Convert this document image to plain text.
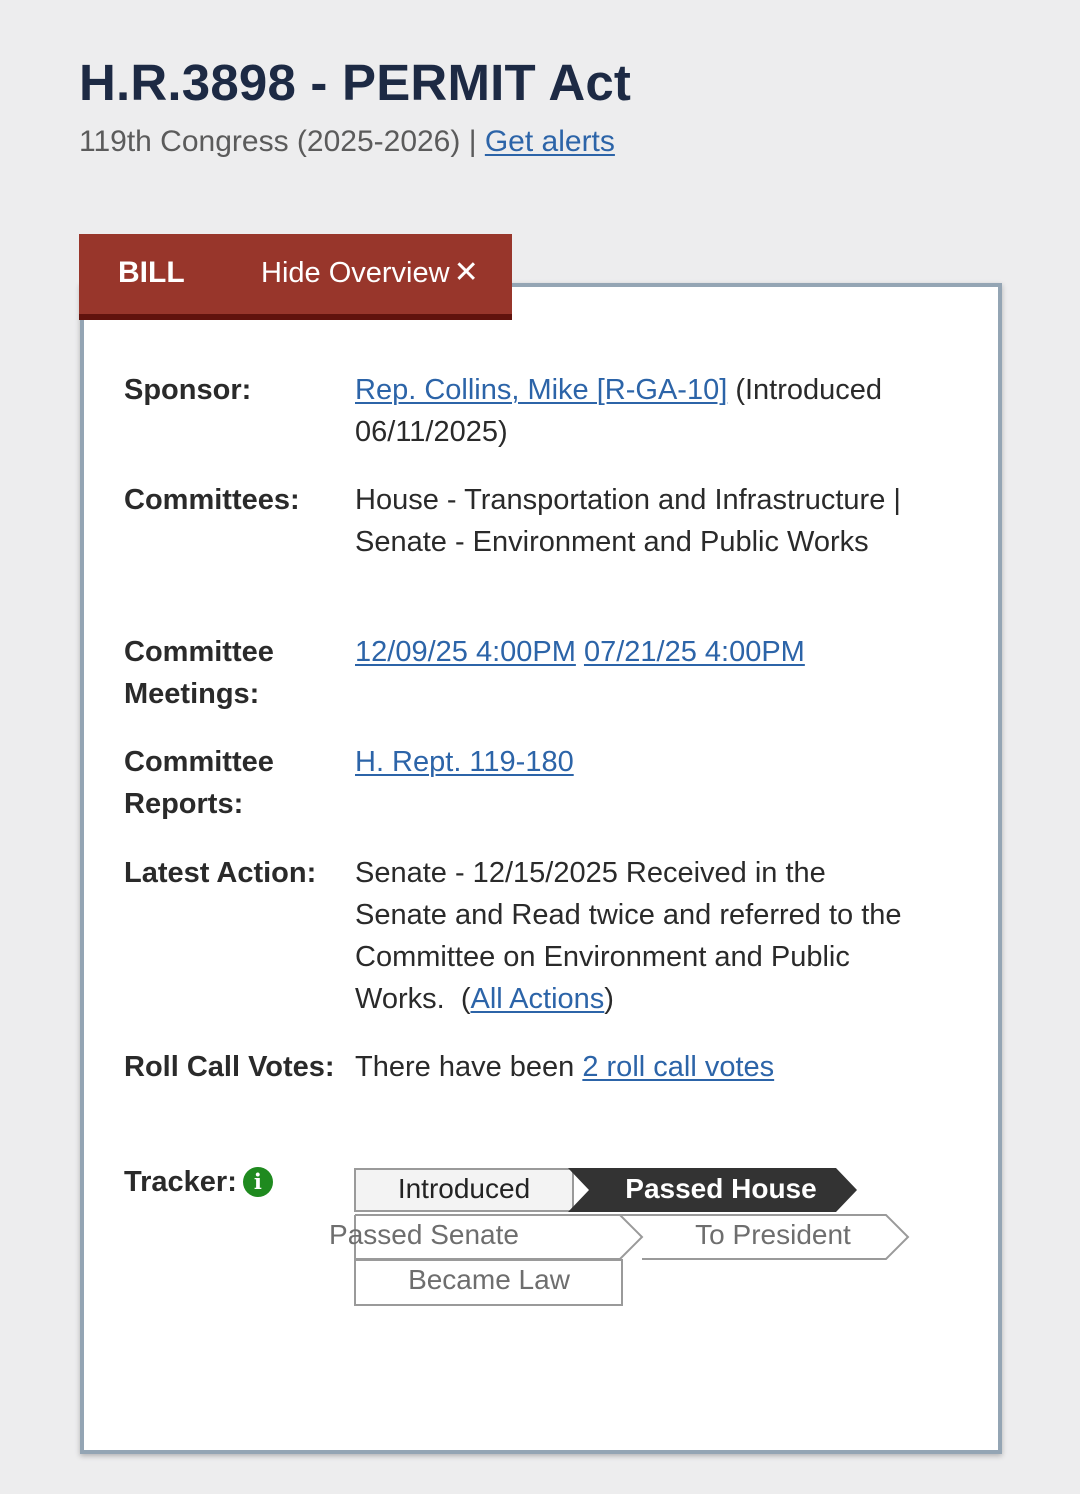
H.R.3898 - PERMIT Act
119th Congress (2025-2026) | Get alerts
BILL	Hide Overview ✕
Sponsor:	Rep. Collins, Mike [R-GA-10] (Introduced 06/11/2025)
Committees:	House - Transportation and Infrastructure | Senate - Environment and Public Works
Committee Meetings:
12/09/25 4:00PM 07/21/25 4:00PM
Committee Reports:
H. Rept. 119-180
Latest Action:	Senate - 12/15/2025 Received in the Senate and Read twice and referred to the Committee on Environment and Public Works. (All Actions)
Roll Call Votes: There have been 2 roll call votes
Tracker: i	Introduced	Passed House
Passed Senate	To President
Became Law
